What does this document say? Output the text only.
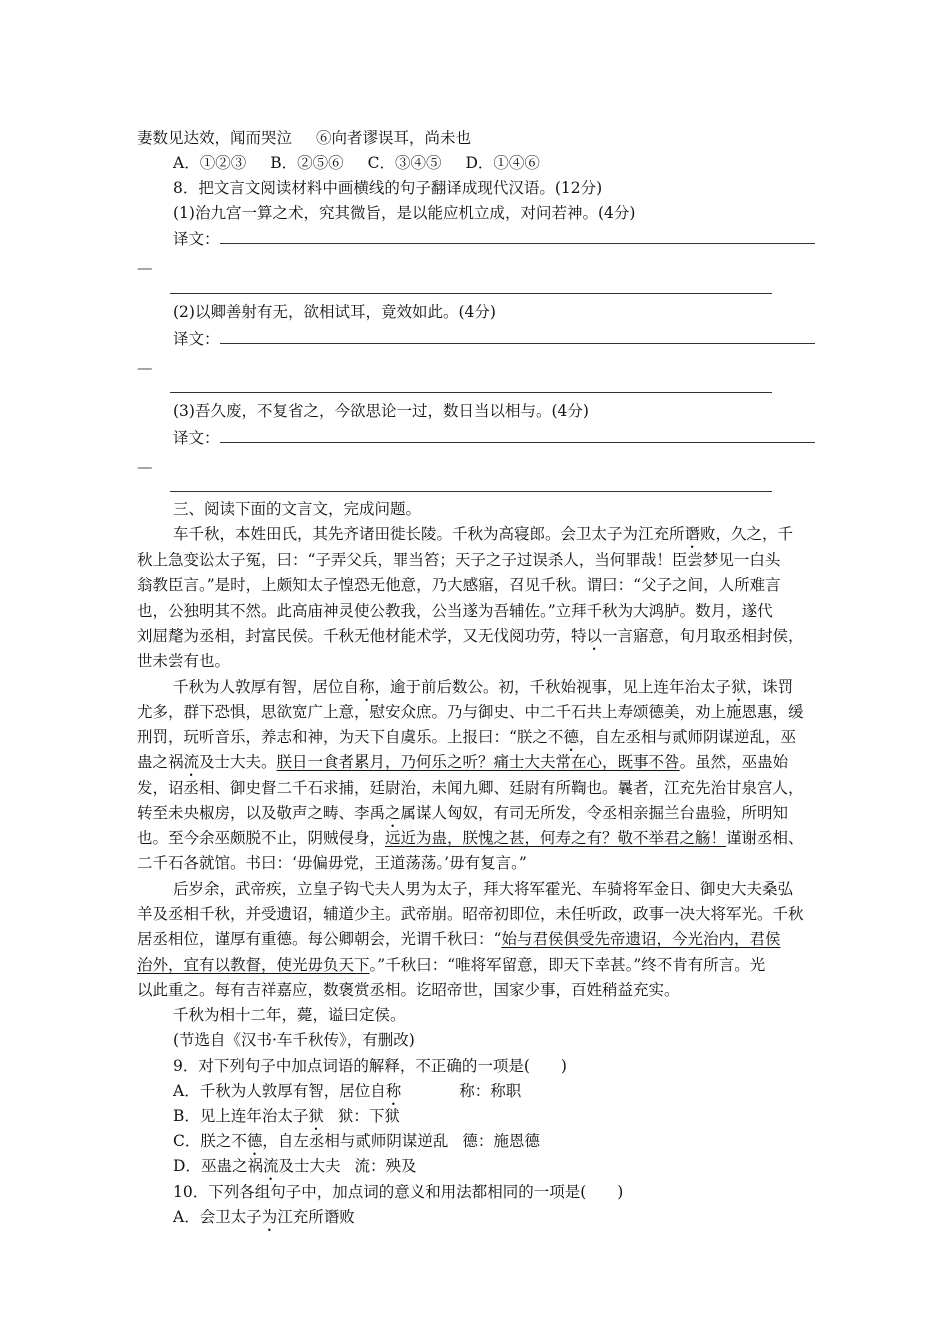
妻数见达效，闻而哭泣 ⑥向者谬误耳，尚未也
A．①②③ B．②⑤⑥ C．③④⑤ D．①④⑥
8．把文言文阅读材料中画横线的句子翻译成现代汉语。(12分)
(1)治九宫一算之术，究其微旨，是以能应机立成，对问若神。(4分)
译文：
—
(2)以卿善射有无，欲相试耳，竟效如此。(4分)
译文：
—
(3)吾久废，不复省之，今欲思论一过，数日当以相与。(4分)
译文：
—
三、阅读下面的文言文，完成问题。
车千秋，本姓田氏，其先齐诸田徙长陵。千秋为高寝郎。会卫太子为江充所谮败，久之，千
秋上急变讼太子冤，曰：“子弄父兵，罪当笞；天子之子过误杀人，当何罪哉！臣尝梦见一白头
翁教臣言。”是时，上颇知太子惶恐无他意，乃大感寤，召见千秋。谓曰：“父子之间，人所难言
也，公独明其不然。此高庙神灵使公教我，公当遂为吾辅佐。”立拜千秋为大鸿胪。数月，遂代
刘屈氂为丞相，封富民侯。千秋无他材能术学，又无伐阅功劳，特以一言寤意，旬月取丞相封侯，
世未尝有也。
千秋为人敦厚有智，居位自称，逾于前后数公。初，千秋始视事，见上连年治太子狱，诛罚
尤多，群下恐惧，思欲宽广上意，慰安众庶。乃与御史、中二千石共上寿颂德美，劝上施恩惠，缓
刑罚，玩听音乐，养志和神，为天下自虞乐。上报曰：“朕之不德，自左丞相与贰师阴谋逆乱，巫
蛊之祸流及士大夫。朕日一食者累月，乃何乐之听？痛士大夫常在心，既事不咎。虽然，巫蛊始
发，诏丞相、御史督二千石求捕，廷尉治，未闻九卿、廷尉有所鞫也。曩者，江充先治甘泉宫人，
转至未央椒房，以及敬声之畴、李禹之属谋人匈奴，有司无所发，令丞相亲掘兰台蛊验，所明知
也。至今余巫颇脱不止，阴贼侵身，远近为蛊，朕愧之甚，何寿之有？敬不举君之觞！谨谢丞相、
二千石各就馆。书曰：‘毋偏毋党，王道荡荡。’毋有复言。”
后岁余，武帝疾，立皇子钩弋夫人男为太子，拜大将军霍光、车骑将军金日、御史大夫桑弘
羊及丞相千秋，并受遗诏，辅道少主。武帝崩。昭帝初即位，未任听政，政事一决大将军光。千秋
居丞相位，谨厚有重德。每公卿朝会，光谓千秋曰：“始与君侯俱受先帝遗诏，今光治内，君侯
治外，宜有以教督，使光毋负天下。”千秋曰：“唯将军留意，即天下幸甚。”终不肯有所言。光
以此重之。每有吉祥嘉应，数褒赏丞相。讫昭帝世，国家少事，百姓稍益充实。
千秋为相十二年，薨，谥曰定侯。
(节选自《汉书·车千秋传》，有删改)
9．对下列句子中加点词语的解释，不正确的一项是(　　)
A．千秋为人敦厚有智，居位自称	称：称职
B．见上连年治太子狱 狱：下狱
C．朕之不德，自左丞相与贰师阴谋逆乱 德：施恩德
D．巫蛊之祸流及士大夫 流：殃及
10．下列各组句子中，加点词的意义和用法都相同的一项是(　　)
A．会卫太子为江充所谮败
